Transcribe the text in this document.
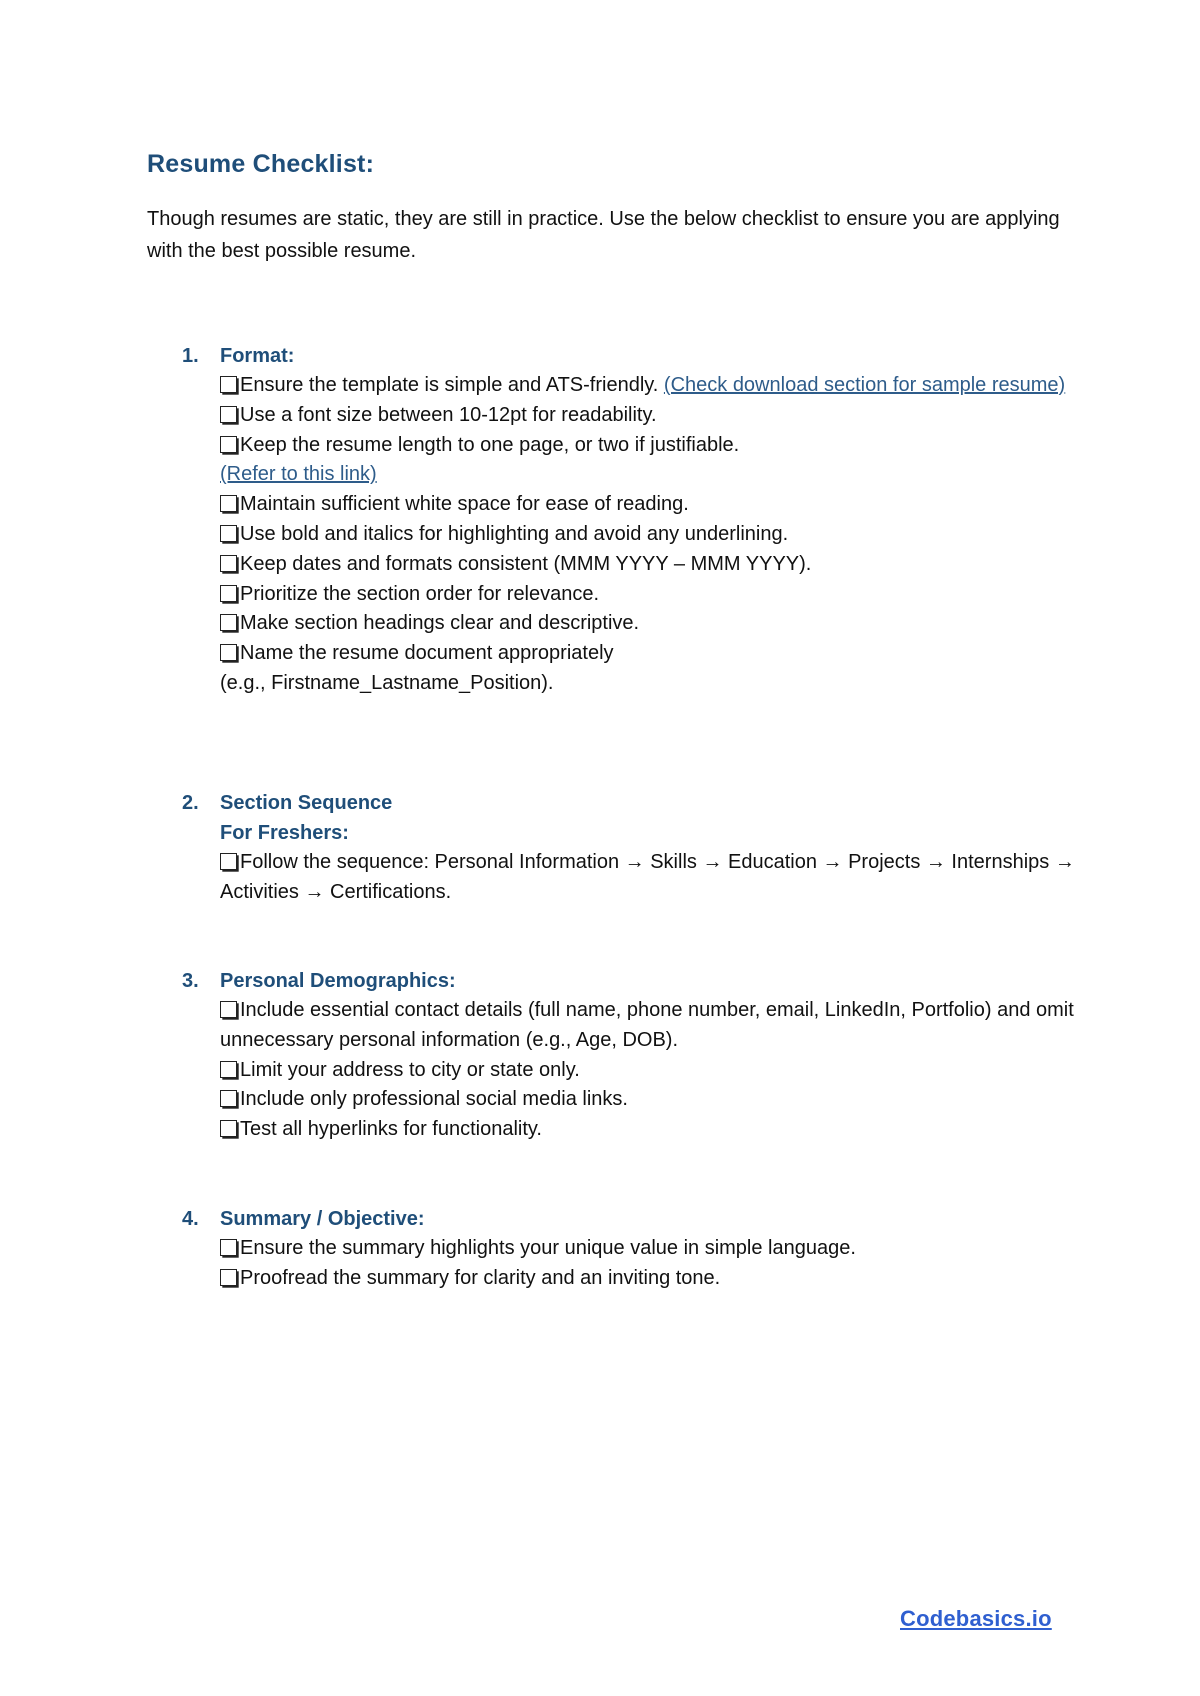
Resume Checklist:

Though resumes are static, they are still in practice. Use the below checklist to ensure you are applying with the best possible resume.

1.	Format:
Ensure the template is simple and ATS-friendly. (Check download section for sample resume)
Use a font size between 10-12pt for readability.
Keep the resume length to one page, or two if justifiable.
(Refer to this link)
Maintain sufficient white space for ease of reading.
Use bold and italics for highlighting and avoid any underlining.
Keep dates and formats consistent (MMM YYYY – MMM YYYY).
Prioritize the section order for relevance.
Make section headings clear and descriptive.
Name the resume document appropriately
(e.g., Firstname_Lastname_Position).
2.	Section Sequence
For Freshers:
Follow the sequence: Personal Information → Skills → Education → Projects → Internships → Activities → Certifications.
3.	Personal Demographics:
Include essential contact details (full name, phone number, email, LinkedIn, Portfolio) and omit unnecessary personal information (e.g., Age, DOB).
Limit your address to city or state only.
Include only professional social media links.
Test all hyperlinks for functionality.
4.	Summary / Objective:
Ensure the summary highlights your unique value in simple language.
Proofread the summary for clarity and an inviting tone.
Codebasics.io
